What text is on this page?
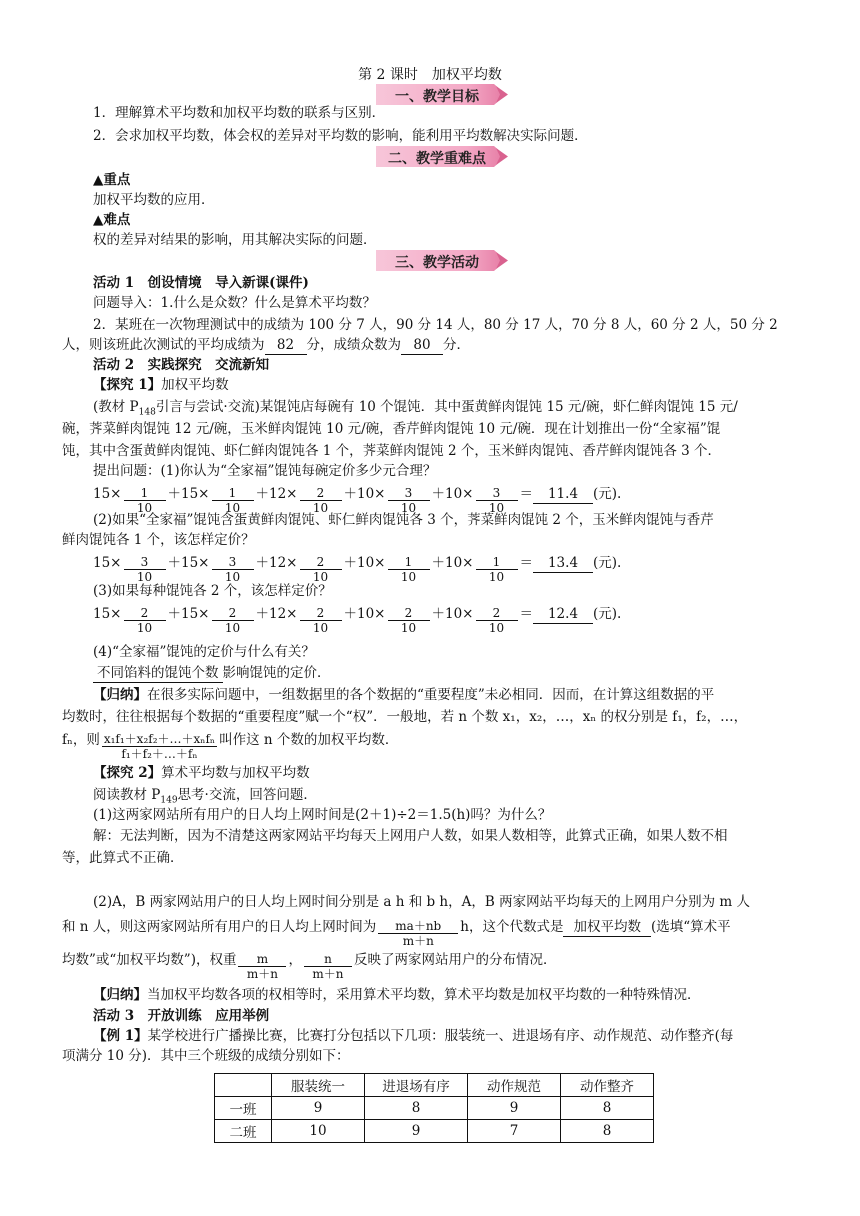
第 2 课时　加权平均数
一、教学目标
1．理解算术平均数和加权平均数的联系与区别．
2．会求加权平均数，体会权的差异对平均数的影响，能利用平均数解决实际问题．
二、教学重难点
▲重点
加权平均数的应用．
▲难点
权的差异对结果的影响，用其解决实际的问题．
三、教学活动
活动 1　创设情境　导入新课(课件)
问题导入：1.什么是众数？什么是算术平均数？
2．某班在一次物理测试中的成绩为 100 分 7 人，90 分 14 人，80 分 17 人，70 分 8 人，60 分 2 人，50 分 2
人，则该班此次测试的平均成绩为 82 分，成绩众数为 80 分．
活动 2　实践探究　交流新知
【探究 1】加权平均数
(教材 $P_{148}$引言与尝试·交流)某馄饨店每碗有 10 个馄饨．其中蛋黄鲜肉馄饨 15 元/碗，虾仁鲜肉馄饨 15 元/
碗，荠菜鲜肉馄饨 12 元/碗，玉米鲜肉馄饨 10 元/碗，香芹鲜肉馄饨 10 元/碗．现在计划推出一份“全家福”馄
饨，其中含蛋黄鲜肉馄饨、虾仁鲜肉馄饨各 1 个，荠菜鲜肉馄饨 2 个，玉米鲜肉馄饨、香芹鲜肉馄饨各 3 个．
提出问题：(1)你认为“全家福”馄饨每碗定价多少元合理？
$15\times \frac{1}{10} +15\times \frac{1}{10} +12\times \frac{2}{10} +10\times \frac{3}{10} +10\times \frac{3}{10} = 11.4$ (元).
(2)如果“全家福”馄饨含蛋黄鲜肉馄饨、虾仁鲜肉馄饨各 3 个，荠菜鲜肉馄饨 2 个，玉米鲜肉馄饨与香芹
鲜肉馄饨各 1 个，该怎样定价？
$15\times \frac{3}{10} +15\times \frac{3}{10} +12\times \frac{2}{10} +10\times \frac{1}{10} +10\times \frac{1}{10} = 13.4$ (元).
(3)如果每种馄饨各 2 个，该怎样定价？
$15\times \frac{2}{10} +15\times \frac{2}{10} +12\times \frac{2}{10} +10\times \frac{2}{10} +10\times \frac{2}{10} = 12.4$ (元).
(4)“全家福”馄饨的定价与什么有关？
不同馅料的馄饨个数 影响馄饨的定价．
【归纳】在很多实际问题中，一组数据里的各个数据的“重要程度”未必相同．因而，在计算这组数据的平
均数时，往往根据每个数据的“重要程度”赋一个“权”．一般地，若 n 个数 x₁，x₂，…，xₙ 的权分别是 f₁，f₂，…，
fₙ，则 x₁f₁＋x₂f₂＋…＋xₙfₙ
f₁＋f₂＋…＋fₙ
叫作这 n 个数的加权平均数．
【探究 2】算术平均数与加权平均数
阅读教材 $P_{149}$思考·交流，回答问题．
(1)这两家网站所有用户的日人均上网时间是(2＋1)÷2＝1.5(h)吗？为什么？
解：无法判断，因为不清楚这两家网站平均每天上网用户人数，如果人数相等，此算式正确，如果人数不相
等，此算式不正确．
(2)A，B 两家网站用户的日人均上网时间分别是 a h 和 b h，A，B 两家网站平均每天的上网用户分别为 m 人
和 n 人，则这两家网站所有用户的日人均上网时间为 $\frac{ma+nb}{m+n}$ h，这个代数式是 加权平均数 (选填“算术平
均数”或“加权平均数”)，权重 $\frac{m}{m+n}$ ， $\frac{n}{m+n}$ 反映了两家网站用户的分布情况．
【归纳】当加权平均数各项的权相等时，采用算术平均数，算术平均数是加权平均数的一种特殊情况．
活动 3　开放训练　应用举例
【例 1】某学校进行广播操比赛，比赛打分包括以下几项：服装统一、进退场有序、动作规范、动作整齐(每
项满分 10 分)．其中三个班级的成绩分别如下：
	服装统一	进退场有序	动作规范	动作整齐
一班	9	8	9	8
二班	10	9	7	8
